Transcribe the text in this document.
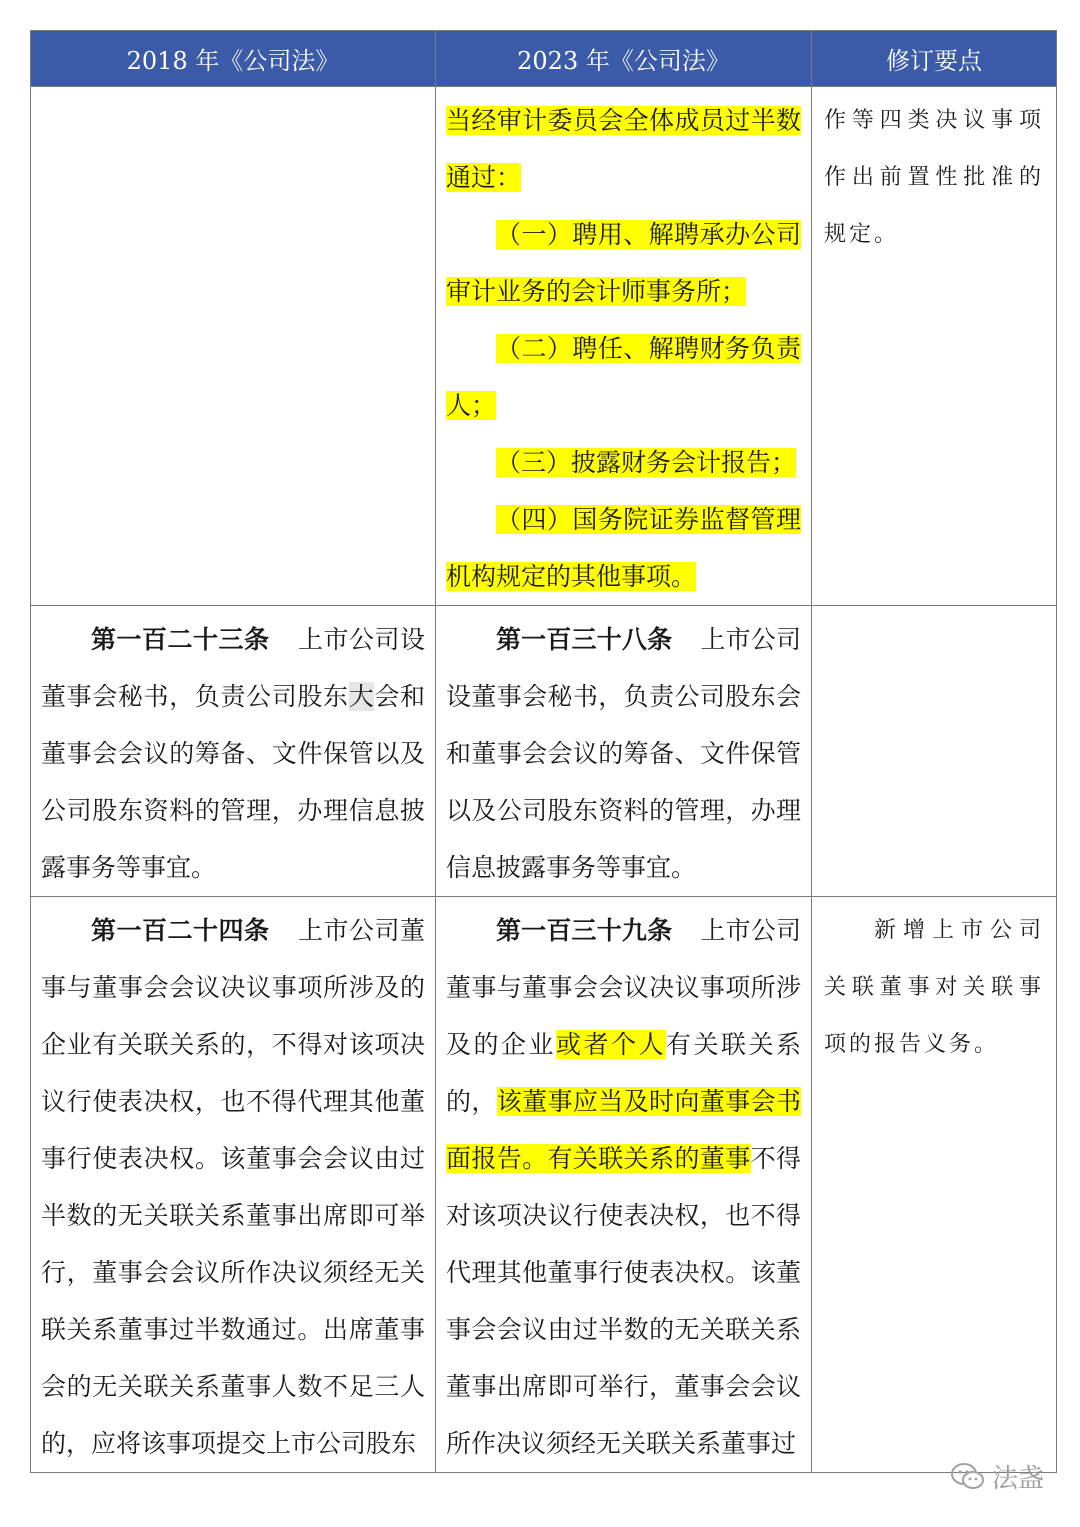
2018 年《公司法》	2023 年《公司法》	修订要点

	当经审计委员会全体成员过半数通过：

（一）聘用、解聘承办公司审计业务的会计师事务所；

（二）聘任、解聘财务负责人；

（三）披露财务会计报告；

（四）国务院证券监督管理机构规定的其他事项。	作等四类决议事项作出前置性批准的规定。

第一百二十三条 上市公司设董事会秘书，负责公司股东大会和董事会会议的筹备、文件保管以及公司股东资料的管理，办理信息披露事务等事宜。	第一百三十八条 上市公司设董事会秘书，负责公司股东会和董事会会议的筹备、文件保管以及公司股东资料的管理，办理信息披露事务等事宜。	

第一百二十四条 上市公司董事与董事会会议决议事项所涉及的企业有关联关系的，不得对该项决议行使表决权，也不得代理其他董事行使表决权。该董事会会议由过半数的无关联关系董事出席即可举行，董事会会议所作决议须经无关联关系董事过半数通过。出席董事会的无关联关系董事人数不足三人的，应将该事项提交上市公司股东	第一百三十九条 上市公司董事与董事会会议决议事项所涉及的企业或者个人有关联关系的，该董事应当及时向董事会书面报告。有关联关系的董事不得对该项决议行使表决权，也不得代理其他董事行使表决权。该董事会会议由过半数的无关联关系董事出席即可举行，董事会会议所作决议须经无关联关系董事过	新增上市公司关联董事对关联事项的报告义务。

法盏
